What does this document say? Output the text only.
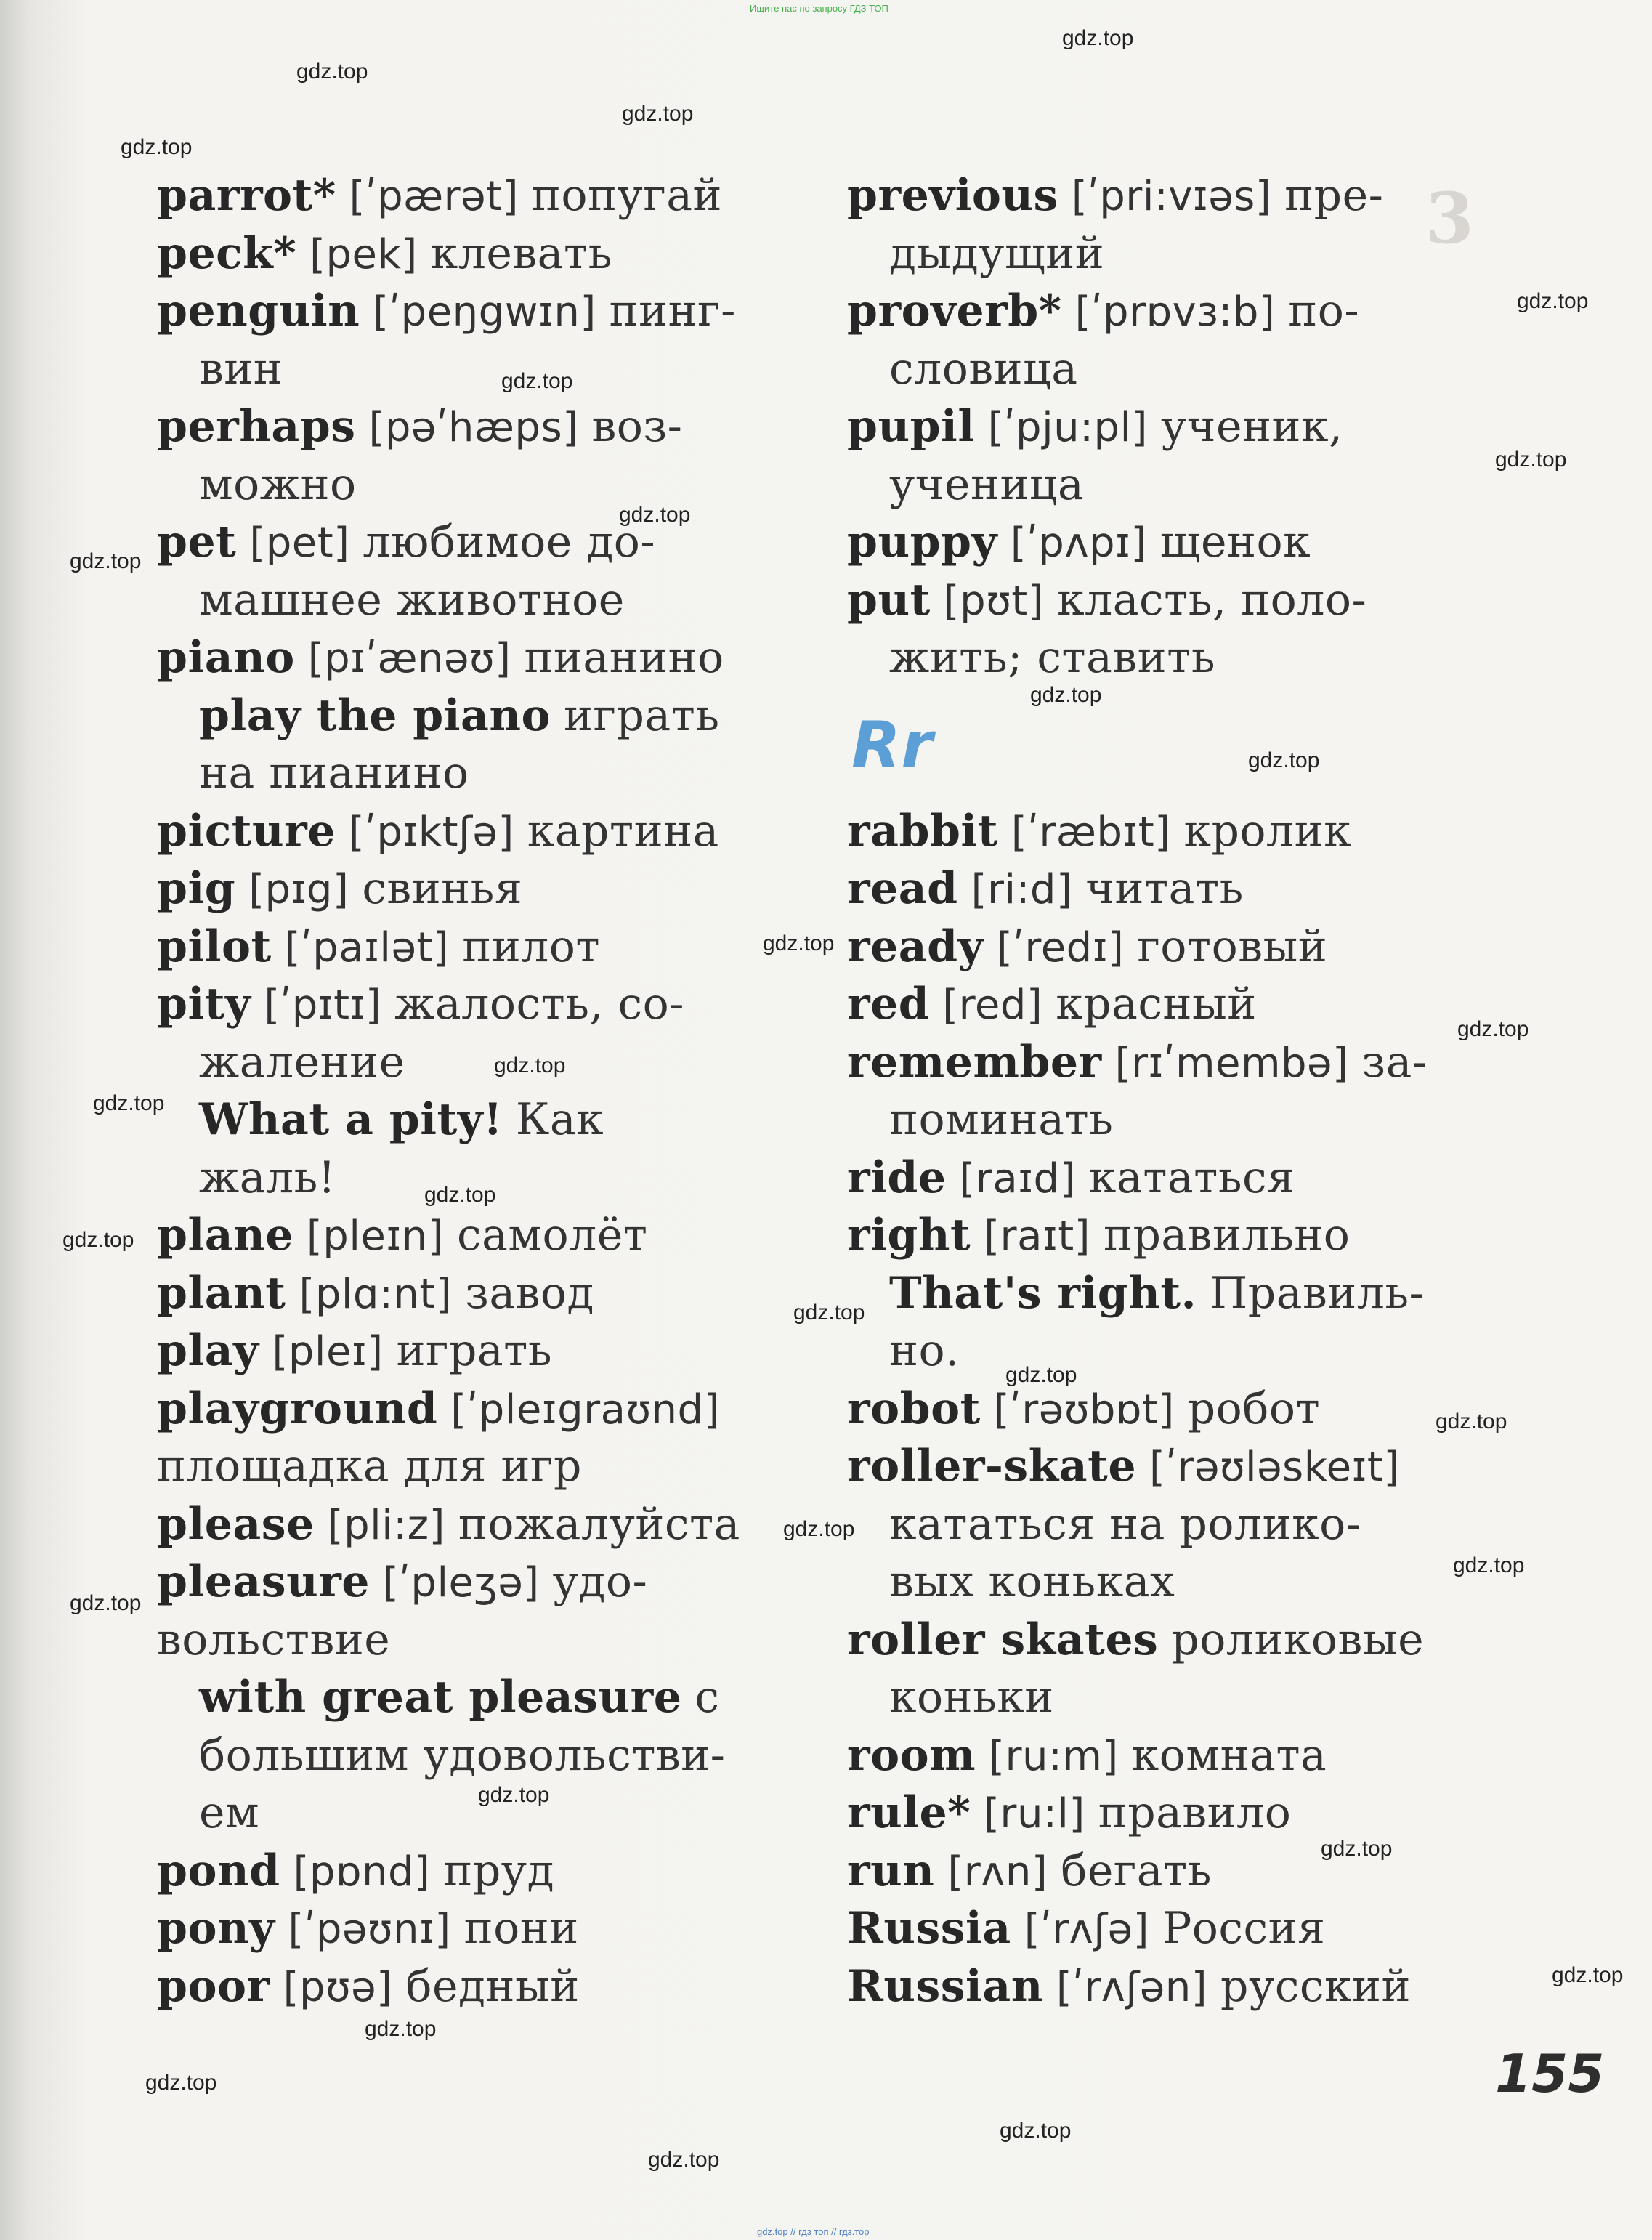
Ищите нас по запросу ГДЗ ТОП
3
parrot* [ʹpærət] попугай
peck* [pek] клевать
penguin [ʹpeŋgwɪn] пинг-
вин
perhaps [pəʹhæps] воз-
можно
pet [pet] любимое до-
машнее животное
piano [pɪʹænəʊ] пианино
play the piano играть
на пианино
picture [ʹpɪktʃə] картина
pig [pɪg] свинья
pilot [ʹpaɪlət] пилот
pity [ʹpɪtɪ] жалость, со-
жаление
What a pity! Как
жаль!
plane [pleɪn] самолёт
plant [plɑ:nt] завод
play [pleɪ] играть
playground [ʹpleɪgraʊnd]
площадка для игр
please [pli:z] пожалуйста
pleasure [ʹpleʒə] удо-
вольствие
with great pleasure с
большим удовольстви-
ем
pond [pɒnd] пруд
pony [ʹpəʊnɪ] пони
poor [pʊə] бедный
previous [ʹpri:vɪəs] пре-
дыдущий
proverb* [ʹprɒvɜ:b] по-
словица
pupil [ʹpju:pl] ученик,
ученица
puppy [ʹpʌpɪ] щенок
put [pʊt] класть, поло-
жить; ставить
Rr
rabbit [ʹræbɪt] кролик
read [ri:d] читать
ready [ʹredɪ] готовый
red [red] красный
remember [rɪʹmembə] за-
поминать
ride [raɪd] кататься
right [raɪt] правильно
That's right. Правиль-
но.
robot [ʹrəʊbɒt] робот
roller-skate [ʹrəʊləskeɪt]
кататься на ролико-
вых коньках
roller skates роликовые
коньки
room [ru:m] комната
rule* [ru:l] правило
run [rʌn] бегать
Russia [ʹrʌʃə] Россия
Russian [ʹrʌʃən] русский
155
gdz.top
gdz.top
gdz.top
gdz.top
gdz.top
gdz.top
gdz.top
gdz.top
gdz.top
gdz.top
gdz.top
gdz.top
gdz.top
gdz.top
gdz.top
gdz.top
gdz.top
gdz.top
gdz.top
gdz.top
gdz.top
gdz.top
gdz.top
gdz.top
gdz.top
gdz.top
gdz.top
gdz.top
gdz.top
gdz.top
gdz.top // гдз топ // гдз.тор
